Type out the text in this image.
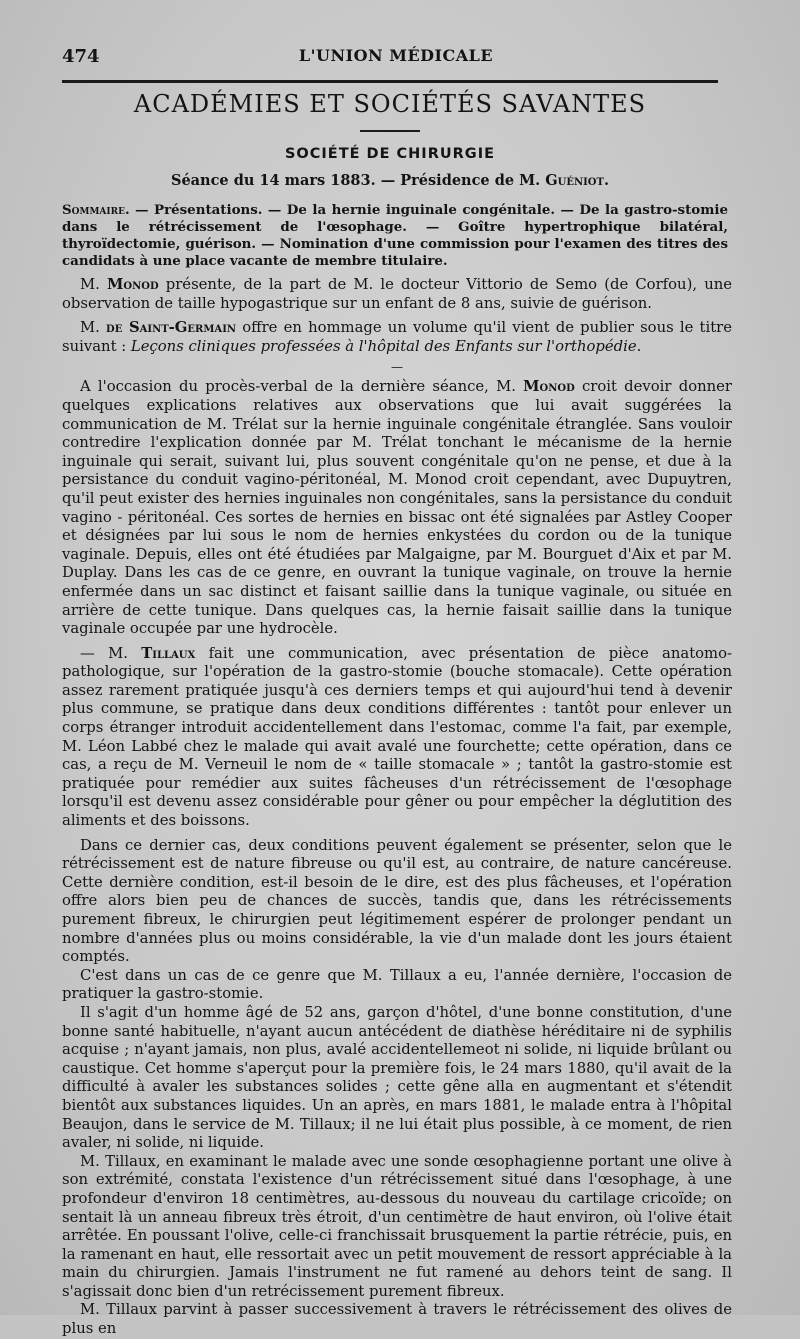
474	L'UNION MÉDICALE
ACADÉMIES ET SOCIÉTÉS SAVANTES
SOCIÉTÉ DE CHIRURGIE
Séance du 14 mars 1883. — Présidence de M. Guéniot.
Sommaire. — Présentations. — De la hernie inguinale congénitale. — De la gastro-stomie dans le rétrécissement de l'œsophage. — Goître hypertrophique bilatéral, thyroïdectomie, guérison. — Nomination d'une commission pour l'examen des titres des candidats à une place vacante de membre titulaire.

M. Monod présente, de la part de M. le docteur Vittorio de Semo (de Corfou), une observation de taille hypogastrique sur un enfant de 8 ans, suivie de guérison.

M. de Saint-Germain offre en hommage un volume qu'il vient de publier sous le titre suivant : Leçons cliniques professées à l'hôpital des Enfants sur l'orthopédie.

—

A l'occasion du procès-verbal de la dernière séance, M. Monod croit devoir donner quelques explications relatives aux observations que lui avait suggérées la communication de M. Trélat sur la hernie inguinale congénitale étranglée. Sans vouloir contredire l'explication donnée par M. Trélat tonchant le mécanisme de la hernie inguinale qui serait, suivant lui, plus souvent congénitale qu'on ne pense, et due à la persistance du conduit vagino-péritonéal, M. Monod croit cependant, avec Dupuytren, qu'il peut exister des hernies inguinales non congénitales, sans la persistance du conduit vagino - péritonéal. Ces sortes de hernies en bissac ont été signalées par Astley Cooper et désignées par lui sous le nom de hernies enkystées du cordon ou de la tunique vaginale. Depuis, elles ont été étudiées par Malgaigne, par M. Bourguet d'Aix et par M. Duplay. Dans les cas de ce genre, en ouvrant la tunique vaginale, on trouve la hernie enfermée dans un sac distinct et faisant saillie dans la tunique vaginale, ou située en arrière de cette tunique. Dans quelques cas, la hernie faisait saillie dans la tunique vaginale occupée par une hydrocèle.

— M. Tillaux fait une communication, avec présentation de pièce anatomo-pathologique, sur l'opération de la gastro-stomie (bouche stomacale). Cette opération assez rarement pratiquée jusqu'à ces derniers temps et qui aujourd'hui tend à devenir plus commune, se pratique dans deux conditions différentes : tantôt pour enlever un corps étranger introduit accidentellement dans l'estomac, comme l'a fait, par exemple, M. Léon Labbé chez le malade qui avait avalé une fourchette; cette opération, dans ce cas, a reçu de M. Verneuil le nom de « taille stomacale » ; tantôt la gastro-stomie est pratiquée pour remédier aux suites fâcheuses d'un rétrécissement de l'œsophage lorsqu'il est devenu assez considérable pour gêner ou pour empêcher la déglutition des aliments et des boissons.

Dans ce dernier cas, deux conditions peuvent également se présenter, selon que le rétrécissement est de nature fibreuse ou qu'il est, au contraire, de nature cancéreuse. Cette dernière condition, est-il besoin de le dire, est des plus fâcheuses, et l'opération offre alors bien peu de chances de succès, tandis que, dans les rétrécissements purement fibreux, le chirurgien peut légitimement espérer de prolonger pendant un nombre d'années plus ou moins considérable, la vie d'un malade dont les jours étaient comptés.

C'est dans un cas de ce genre que M. Tillaux a eu, l'année dernière, l'occasion de pratiquer la gastro-stomie.

Il s'agit d'un homme âgé de 52 ans, garçon d'hôtel, d'une bonne constitution, d'une bonne santé habituelle, n'ayant aucun antécédent de diathèse héréditaire ni de syphilis acquise ; n'ayant jamais, non plus, avalé accidentellemeot ni solide, ni liquide brûlant ou caustique. Cet homme s'aperçut pour la première fois, le 24 mars 1880, qu'il avait de la difficulté à avaler les substances solides ; cette gêne alla en augmentant et s'étendit bientôt aux substances liquides. Un an après, en mars 1881, le malade entra à l'hôpital Beaujon, dans le service de M. Tillaux; il ne lui était plus possible, à ce moment, de rien avaler, ni solide, ni liquide.

M. Tillaux, en examinant le malade avec une sonde œsophagienne portant une olive à son extrémité, constata l'existence d'un rétrécissement situé dans l'œsophage, à une profondeur d'environ 18 centimètres, au-dessous du nouveau du cartilage cricoïde; on sentait là un anneau fibreux très étroit, d'un centimètre de haut environ, où l'olive était arrêtée. En poussant l'olive, celle-ci franchissait brusquement la partie rétrécie, puis, en la ramenant en haut, elle ressortait avec un petit mouvement de ressort appréciable à la main du chirurgien. Jamais l'instrument ne fut ramené au dehors teint de sang. Il s'agissait donc bien d'un retrécissement purement fibreux.

M. Tillaux parvint à passer successivement à travers le rétrécissement des olives de plus en
